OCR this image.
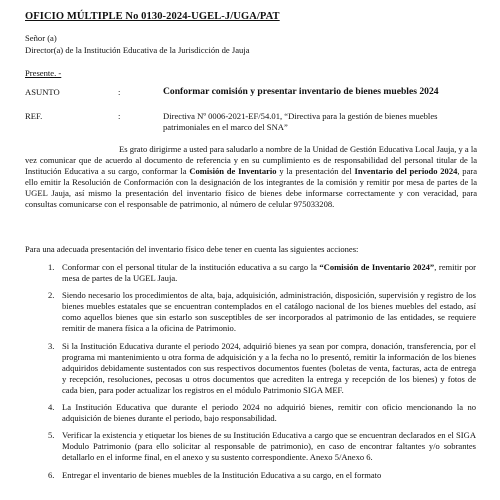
OFICIO MÚLTIPLE No 0130-2024-UGEL-J/UGA/PAT

Señor (a)

Director(a) de la Institución Educativa de la Jurisdicción de Jauja

Presente. -

ASUNTO	:	Conformar comisión y presentar inventario de bienes muebles 2024

REF.	:	Directiva Nº 0006-2021-EF/54.01, “Directiva para la gestión de bienes muebles patrimoniales en el marco del SNA”

Es grato dirigirme a usted para saludarlo a nombre de la Unidad de Gestión Educativa Local Jauja, y a la vez comunicar que de acuerdo al documento de referencia y en su cumplimiento es de responsabilidad del personal titular de la Institución Educativa a su cargo, conformar la Comisión de Inventario y la presentación del Inventario del periodo 2024, para ello emitir la Resolución de Conformación con la designación de los integrantes de la comisión y remitir por mesa de partes de la UGEL Jauja, así mismo la presentación del inventario físico de bienes debe informarse correctamente y con veracidad, para consultas comunicarse con el responsable de patrimonio, al número de celular 975033208.

Para una adecuada presentación del inventario físico debe tener en cuenta las siguientes acciones:

1. Conformar con el personal titular de la institución educativa a su cargo la “Comisión de Inventario 2024”, remitir por mesa de partes de la UGEL Jauja.
2. Siendo necesario los procedimientos de alta, baja, adquisición, administración, disposición, supervisión y registro de los bienes muebles estatales que se encuentran contemplados en el catálogo nacional de los bienes muebles del estado, así como aquellos bienes que sin estarlo son susceptibles de ser incorporados al patrimonio de las entidades, se requiere remitir de manera física a la oficina de Patrimonio.
3. Si la Institución Educativa durante el periodo 2024, adquirió bienes ya sean por compra, donación, transferencia, por el programa mi mantenimiento u otra forma de adquisición y a la fecha no lo presentó, remitir la información de los bienes adquiridos debidamente sustentados con sus respectivos documentos fuentes (boletas de venta, facturas, acta de entrega y recepción, resoluciones, pecosas u otros documentos que acrediten la entrega y recepción de los bienes) y fotos de cada bien, para poder actualizar los registros en el módulo Patrimonio SIGA MEF.
4. La Institución Educativa que durante el periodo 2024 no adquirió bienes, remitir con oficio mencionando la no adquisición de bienes durante el periodo, bajo responsabilidad.
5. Verificar la existencia y etiquetar los bienes de su Institución Educativa a cargo que se encuentran declarados en el SIGA Modulo Patrimonio (para ello solicitar al responsable de patrimonio), en caso de encontrar faltantes y/o sobrantes detallarlo en el informe final, en el anexo y su sustento correspondiente. Anexo 5/Anexo 6.
6. Entregar el inventario de bienes muebles de la Institución Educativa a su cargo, en el formato
